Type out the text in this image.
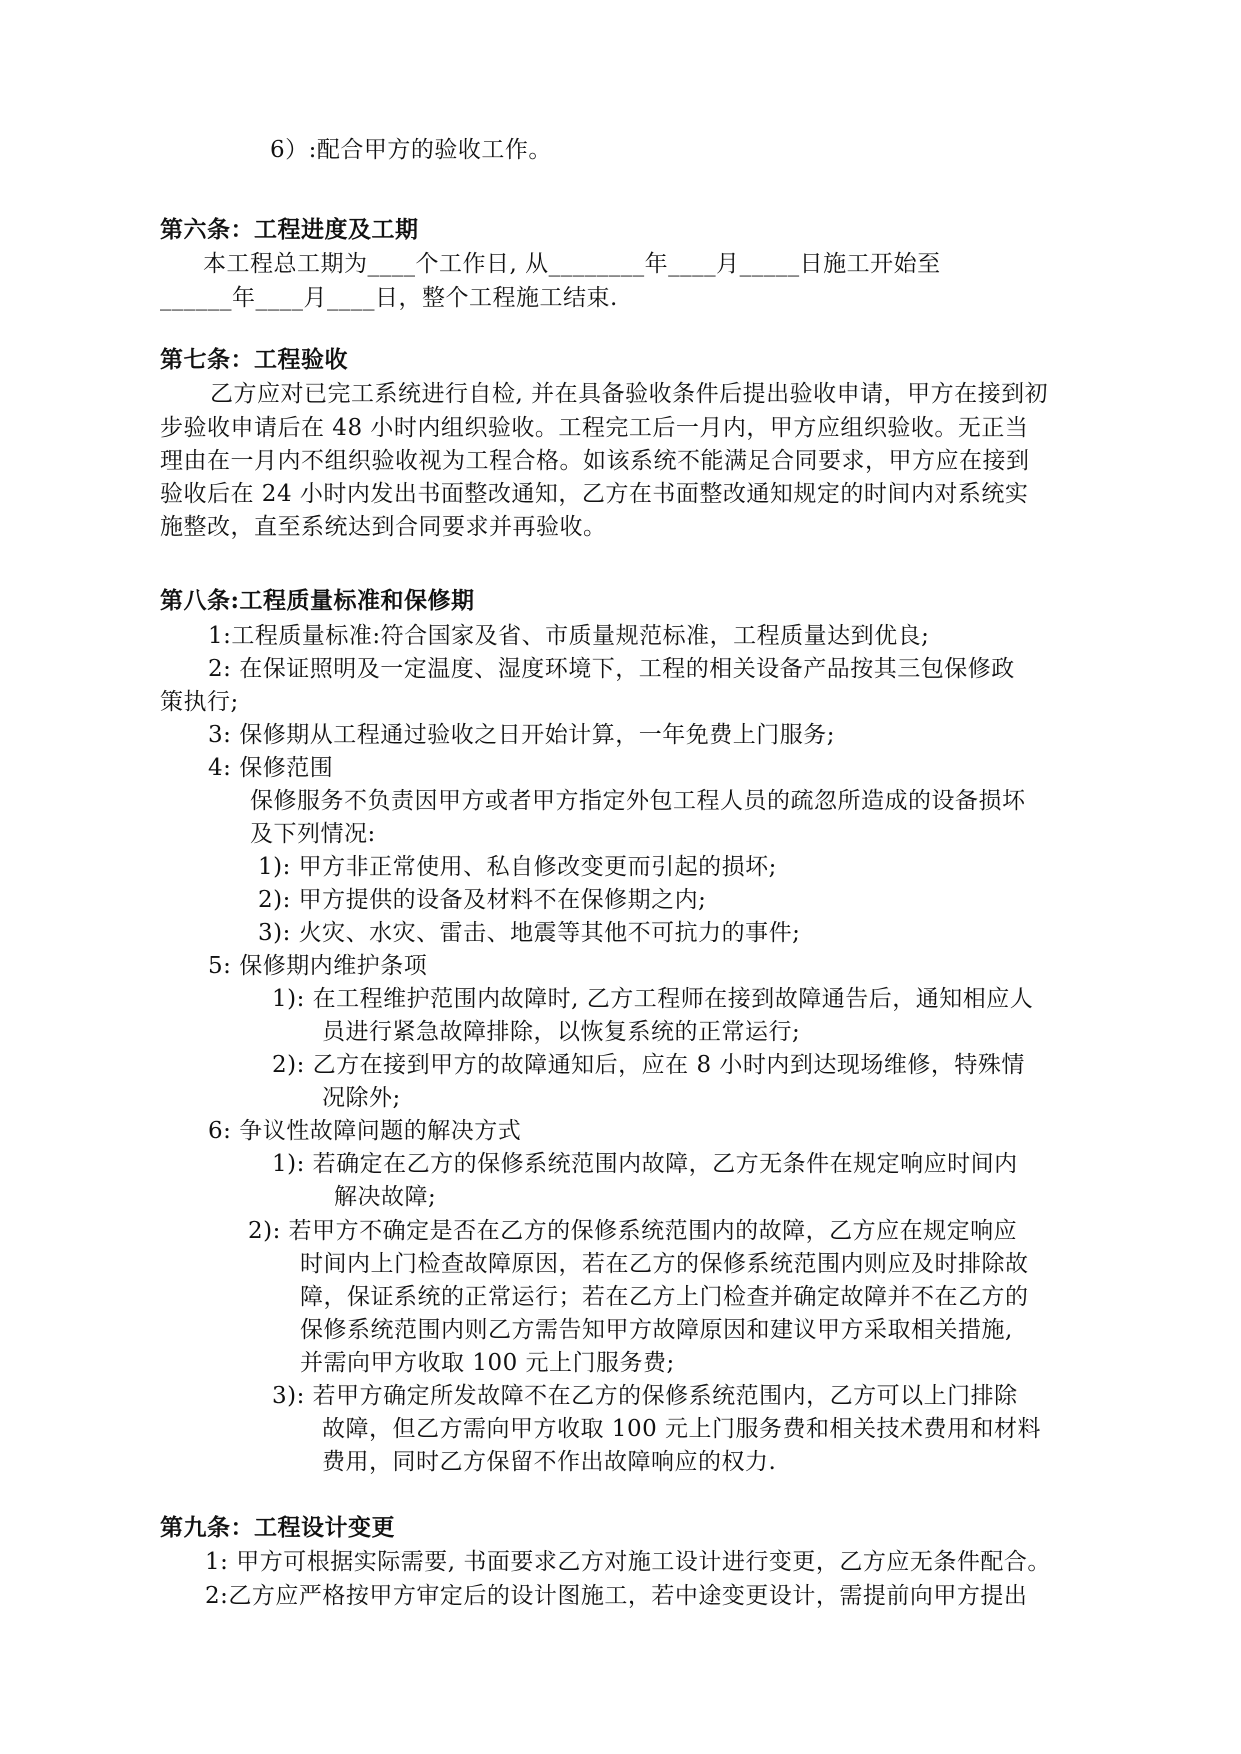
6）:配合甲方的验收工作。
第六条：工程进度及工期
本工程总工期为____个工作日, 从________年____月_____日施工开始至
______年____月____日，整个工程施工结束.
第七条：工程验收
乙方应对已完工系统进行自检, 并在具备验收条件后提出验收申请，甲方在接到初
步验收申请后在 48 小时内组织验收。工程完工后一月内，甲方应组织验收。无正当
理由在一月内不组织验收视为工程合格。如该系统不能满足合同要求，甲方应在接到
验收后在 24 小时内发出书面整改通知，乙方在书面整改通知规定的时间内对系统实
施整改，直至系统达到合同要求并再验收。
第八条:工程质量标准和保修期
1:工程质量标准:符合国家及省、市质量规范标准，工程质量达到优良;
2: 在保证照明及一定温度、湿度环境下，工程的相关设备产品按其三包保修政
策执行;
3: 保修期从工程通过验收之日开始计算，一年免费上门服务;
4: 保修范围
保修服务不负责因甲方或者甲方指定外包工程人员的疏忽所造成的设备损坏
及下列情况:
1): 甲方非正常使用、私自修改变更而引起的损坏;
2): 甲方提供的设备及材料不在保修期之内;
3): 火灾、水灾、雷击、地震等其他不可抗力的事件;
5: 保修期内维护条项
1): 在工程维护范围内故障时, 乙方工程师在接到故障通告后，通知相应人
员进行紧急故障排除，以恢复系统的正常运行;
2): 乙方在接到甲方的故障通知后，应在 8 小时内到达现场维修，特殊情
况除外;
6: 争议性故障问题的解决方式
1): 若确定在乙方的保修系统范围内故障，乙方无条件在规定响应时间内
解决故障;
2): 若甲方不确定是否在乙方的保修系统范围内的故障，乙方应在规定响应
时间内上门检查故障原因，若在乙方的保修系统范围内则应及时排除故
障，保证系统的正常运行；若在乙方上门检查并确定故障并不在乙方的
保修系统范围内则乙方需告知甲方故障原因和建议甲方采取相关措施,
并需向甲方收取 100 元上门服务费;
3): 若甲方确定所发故障不在乙方的保修系统范围内，乙方可以上门排除
故障，但乙方需向甲方收取 100 元上门服务费和相关技术费用和材料
费用，同时乙方保留不作出故障响应的权力.
第九条：工程设计变更
1: 甲方可根据实际需要, 书面要求乙方对施工设计进行变更，乙方应无条件配合。
2:乙方应严格按甲方审定后的设计图施工，若中途变更设计，需提前向甲方提出
